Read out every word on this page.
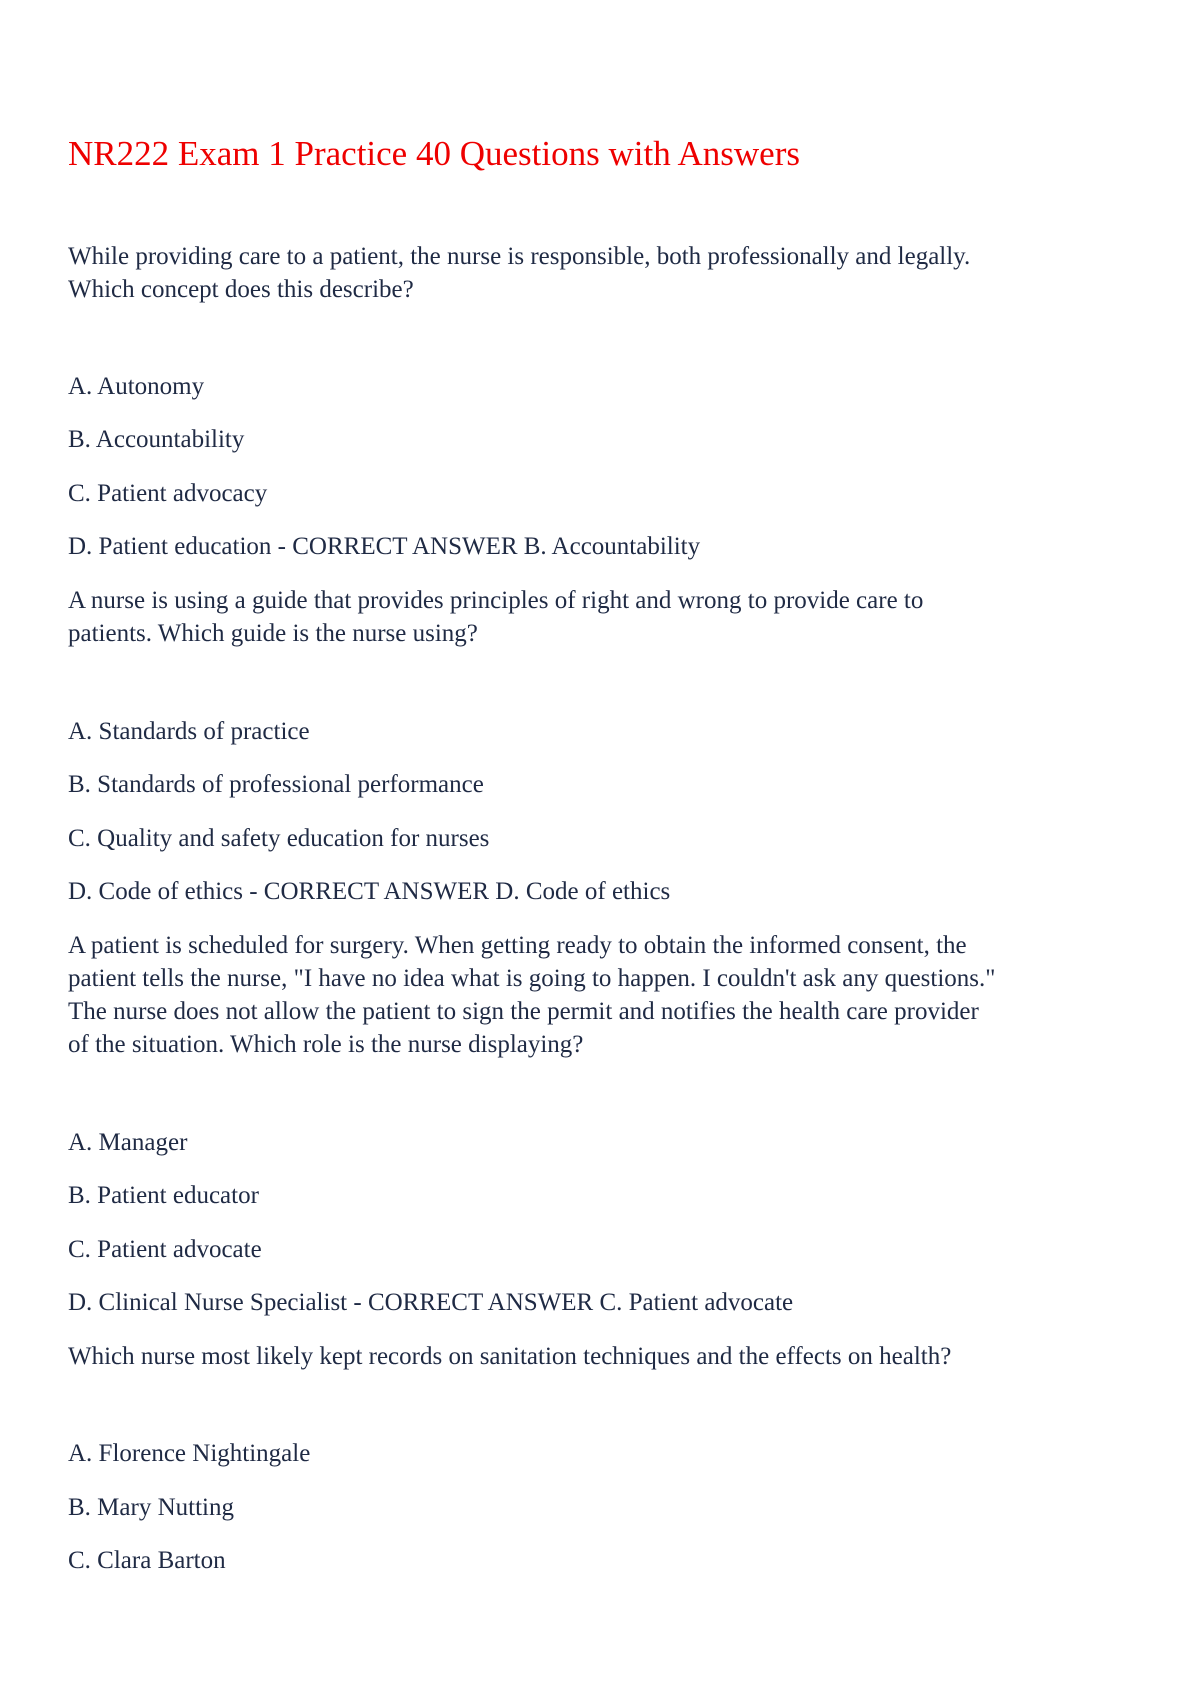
NR222 Exam 1 Practice 40 Questions with Answers

While providing care to a patient, the nurse is responsible, both professionally and legally.

Which concept does this describe?

A. Autonomy

B. Accountability

C. Patient advocacy

D. Patient education - CORRECT ANSWER B. Accountability

A nurse is using a guide that provides principles of right and wrong to provide care to

patients. Which guide is the nurse using?

A. Standards of practice

B. Standards of professional performance

C. Quality and safety education for nurses

D. Code of ethics - CORRECT ANSWER D. Code of ethics

A patient is scheduled for surgery. When getting ready to obtain the informed consent, the

patient tells the nurse, "I have no idea what is going to happen. I couldn't ask any questions."

The nurse does not allow the patient to sign the permit and notifies the health care provider

of the situation. Which role is the nurse displaying?

A. Manager

B. Patient educator

C. Patient advocate

D. Clinical Nurse Specialist - CORRECT ANSWER C. Patient advocate

Which nurse most likely kept records on sanitation techniques and the effects on health?

A. Florence Nightingale

B. Mary Nutting

C. Clara Barton
